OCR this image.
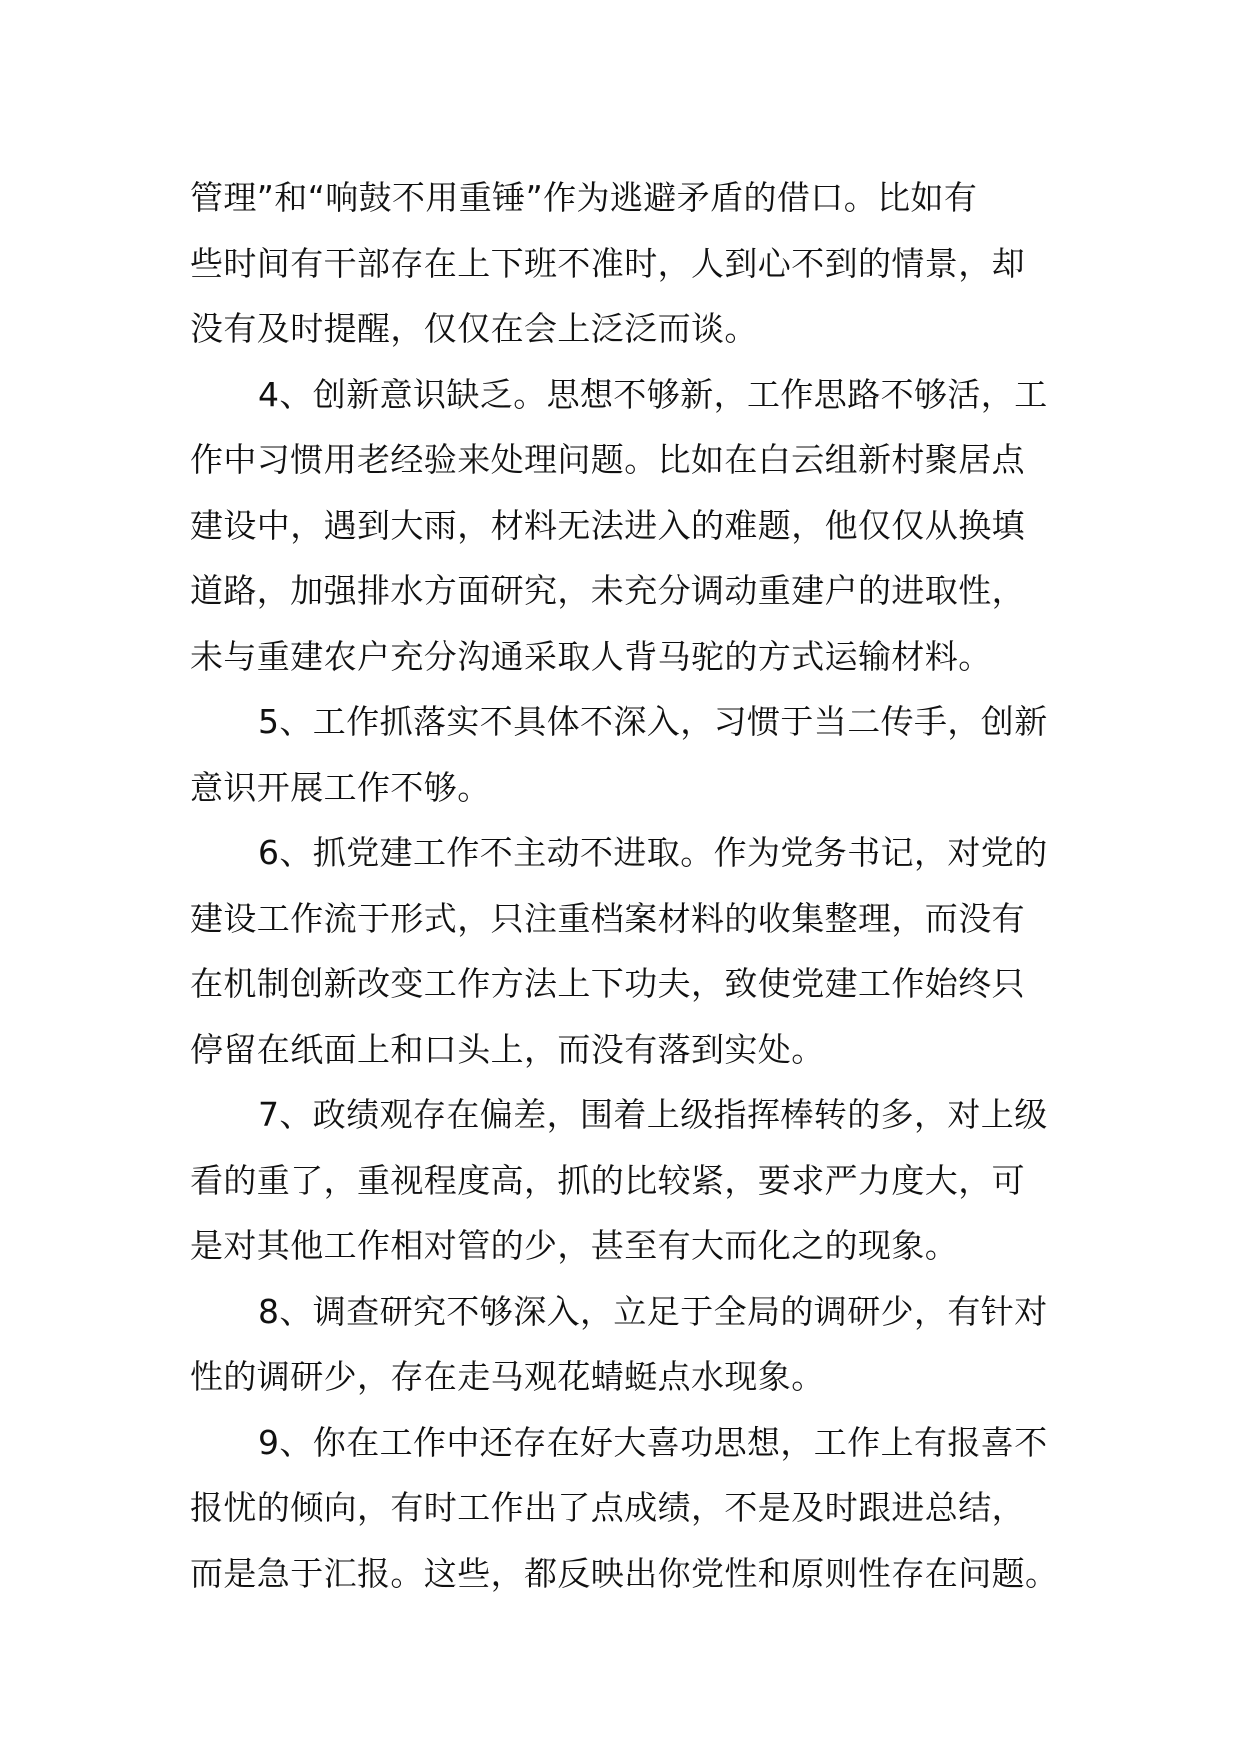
管理”和“响鼓不用重锤”作为逃避矛盾的借口。比如有
些时间有干部存在上下班不准时，人到心不到的情景，却
没有及时提醒，仅仅在会上泛泛而谈。
4、创新意识缺乏。思想不够新，工作思路不够活，工
作中习惯用老经验来处理问题。比如在白云组新村聚居点
建设中，遇到大雨，材料无法进入的难题，他仅仅从换填
道路，加强排水方面研究，未充分调动重建户的进取性，
未与重建农户充分沟通采取人背马驼的方式运输材料。
5、工作抓落实不具体不深入，习惯于当二传手，创新
意识开展工作不够。
6、抓党建工作不主动不进取。作为党务书记，对党的
建设工作流于形式，只注重档案材料的收集整理，而没有
在机制创新改变工作方法上下功夫，致使党建工作始终只
停留在纸面上和口头上，而没有落到实处。
7、政绩观存在偏差，围着上级指挥棒转的多，对上级
看的重了，重视程度高，抓的比较紧，要求严力度大，可
是对其他工作相对管的少，甚至有大而化之的现象。
8、调查研究不够深入，立足于全局的调研少，有针对
性的调研少，存在走马观花蜻蜓点水现象。
9、你在工作中还存在好大喜功思想，工作上有报喜不
报忧的倾向，有时工作出了点成绩，不是及时跟进总结，
而是急于汇报。这些，都反映出你党性和原则性存在问题。
